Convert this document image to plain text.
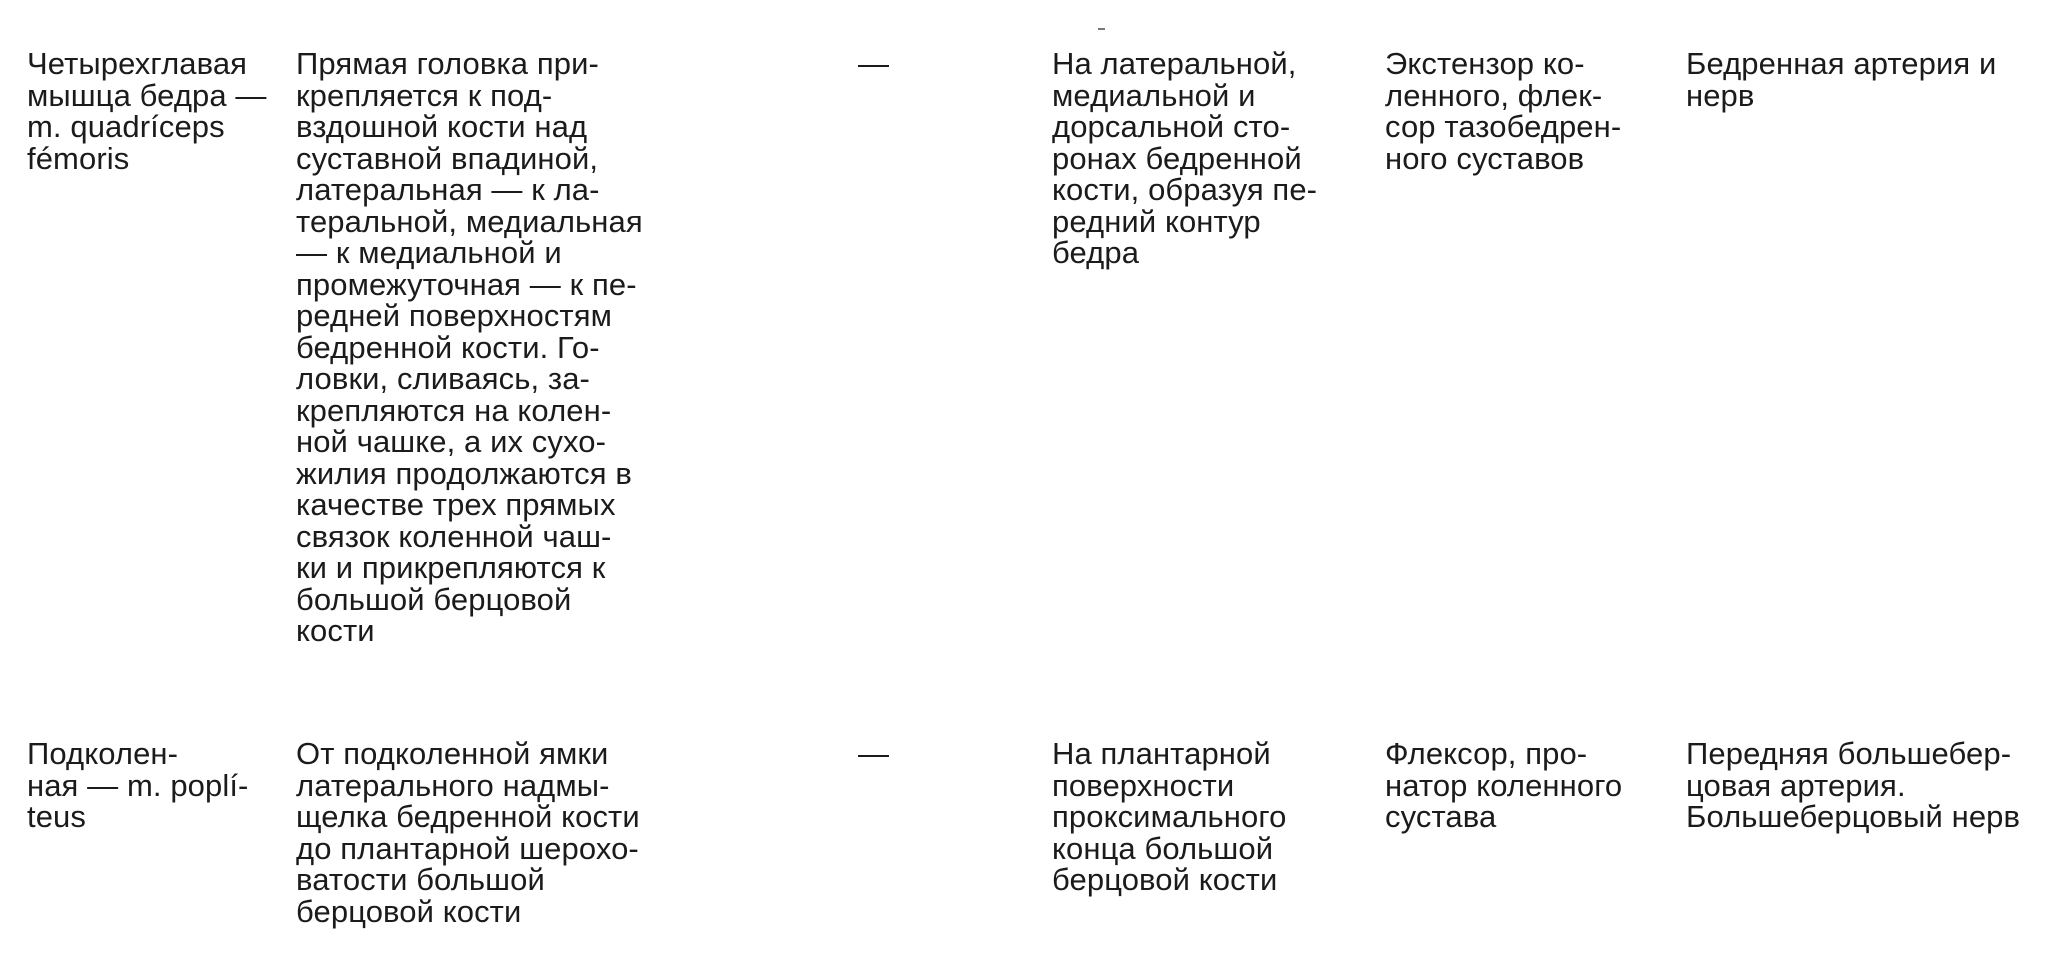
Четырехглавая
мышца бедра —
m. quadríceps
fémoris
Прямая головка при-
крепляется к под-
вздошной кости над
суставной впадиной,
латеральная — к ла-
теральной, медиальная
— к медиальной и
промежуточная — к пе-
редней поверхностям
бедренной кости. Го-
ловки, сливаясь, за-
крепляются на колен-
ной чашке, а их сухо-
жилия продолжаются в
качестве трех прямых
связок коленной чаш-
ки и прикрепляются к
большой берцовой
кости
—	На латеральной,
медиальной и
дорсальной сто-
ронах бедренной
кости, образуя пе-
редний контур
бедра
Экстензор ко-
ленного, флек-
сор тазобедрен-
ного суставов
Бедренная артерия и
нерв
Подколен-
ная — m. poplí-
teus
От подколенной ямки
латерального надмы-
щелка бедренной кости
до плантарной шерохо-
ватости большой
берцовой кости
—	На плантарной
поверхности
проксимального
конца большой
берцовой кости
Флексор, про-
натор коленного
сустава
Передняя большебер-
цовая артерия.
Большеберцовый нерв
